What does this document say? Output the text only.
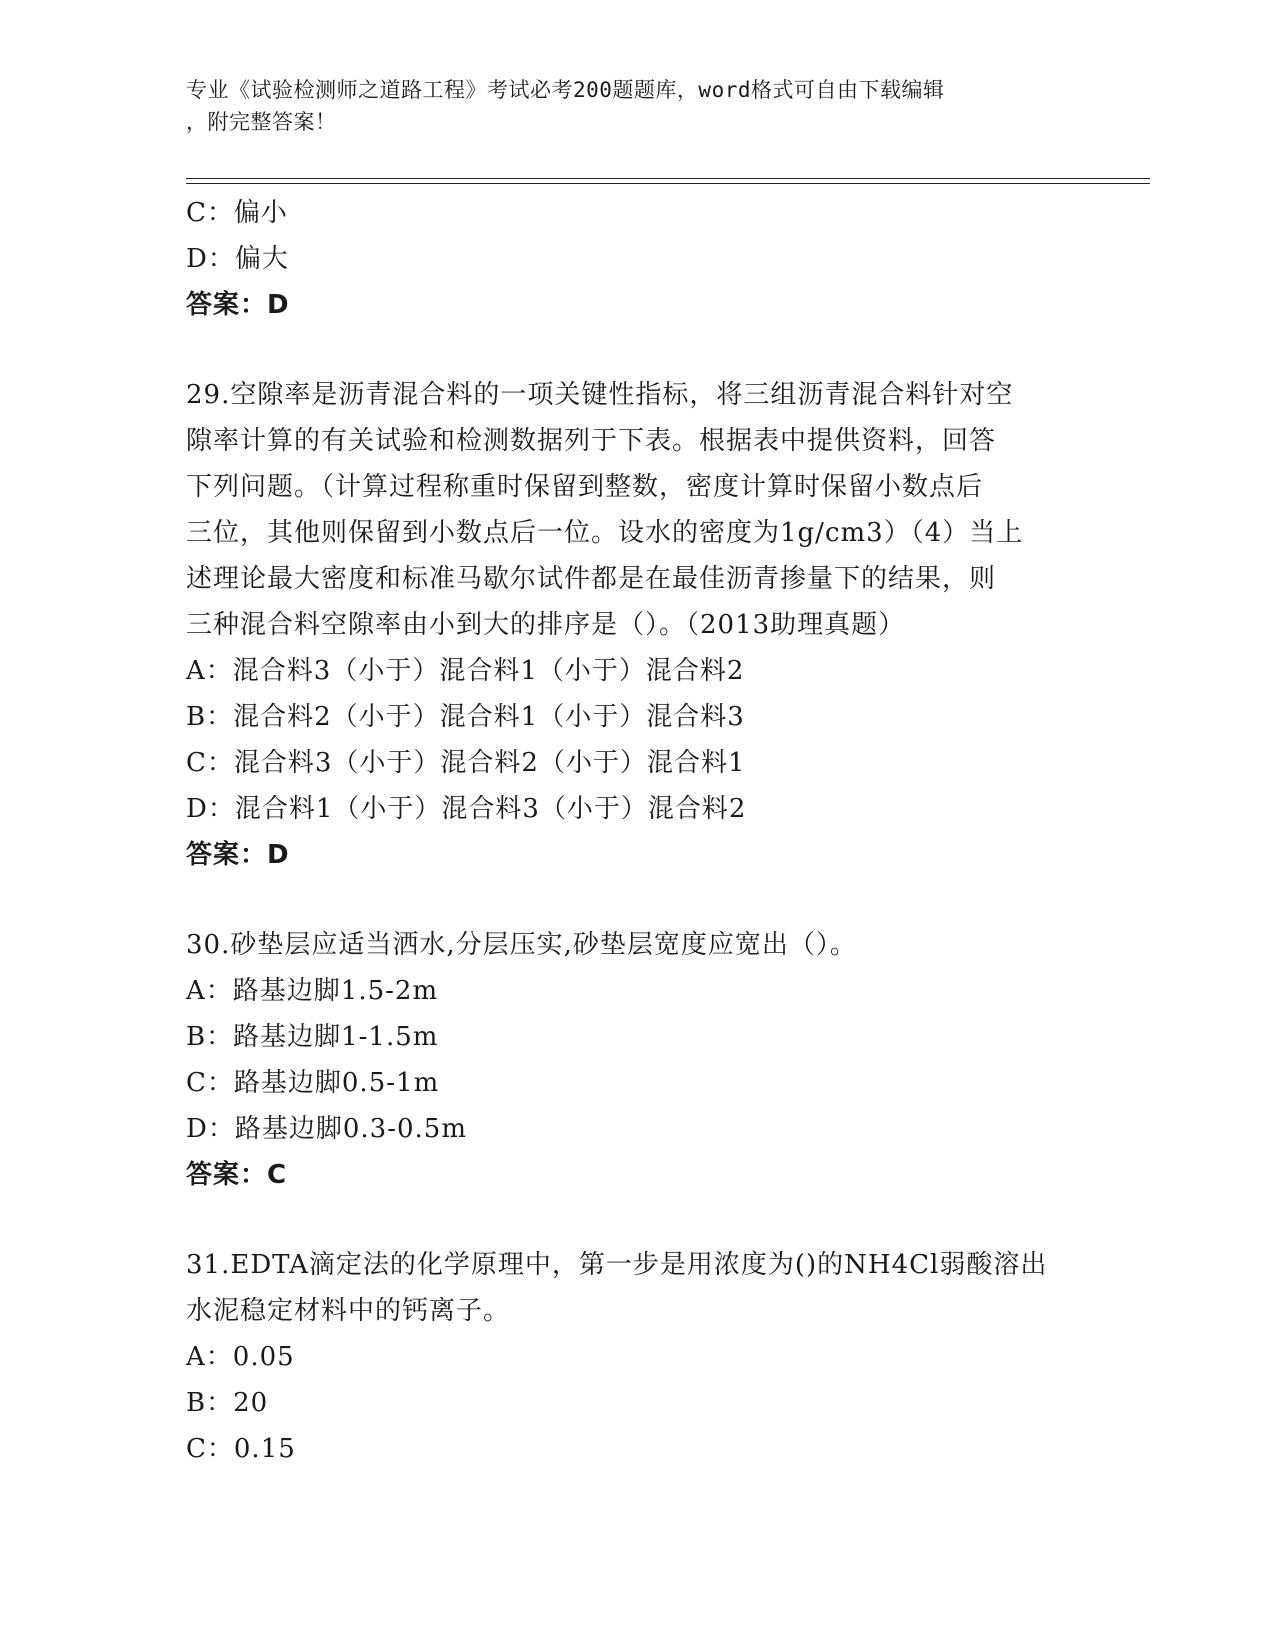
专业《试验检测师之道路工程》考试必考200题题库，word格式可自由下载编辑
，附完整答案！
C：偏小
D：偏大
答案：D
29.空隙率是沥青混合料的一项关键性指标，将三组沥青混合料针对空
隙率计算的有关试验和检测数据列于下表。根据表中提供资料，回答
下列问题。（计算过程称重时保留到整数，密度计算时保留小数点后
三位，其他则保留到小数点后一位。设水的密度为1g/cm3）（4）当上
述理论最大密度和标准马歇尔试件都是在最佳沥青掺量下的结果，则
三种混合料空隙率由小到大的排序是（）。（2013助理真题）
A：混合料3（小于）混合料1（小于）混合料2
B：混合料2（小于）混合料1（小于）混合料3
C：混合料3（小于）混合料2（小于）混合料1
D：混合料1（小于）混合料3（小于）混合料2
答案：D
30.砂垫层应适当洒水,分层压实,砂垫层宽度应宽出（）。
A：路基边脚1.5-2m
B：路基边脚1-1.5m
C：路基边脚0.5-1m
D：路基边脚0.3-0.5m
答案：C
31.EDTA滴定法的化学原理中，第一步是用浓度为()的NH4Cl弱酸溶出
水泥稳定材料中的钙离子。
A：0.05
B：20
C：0.15
